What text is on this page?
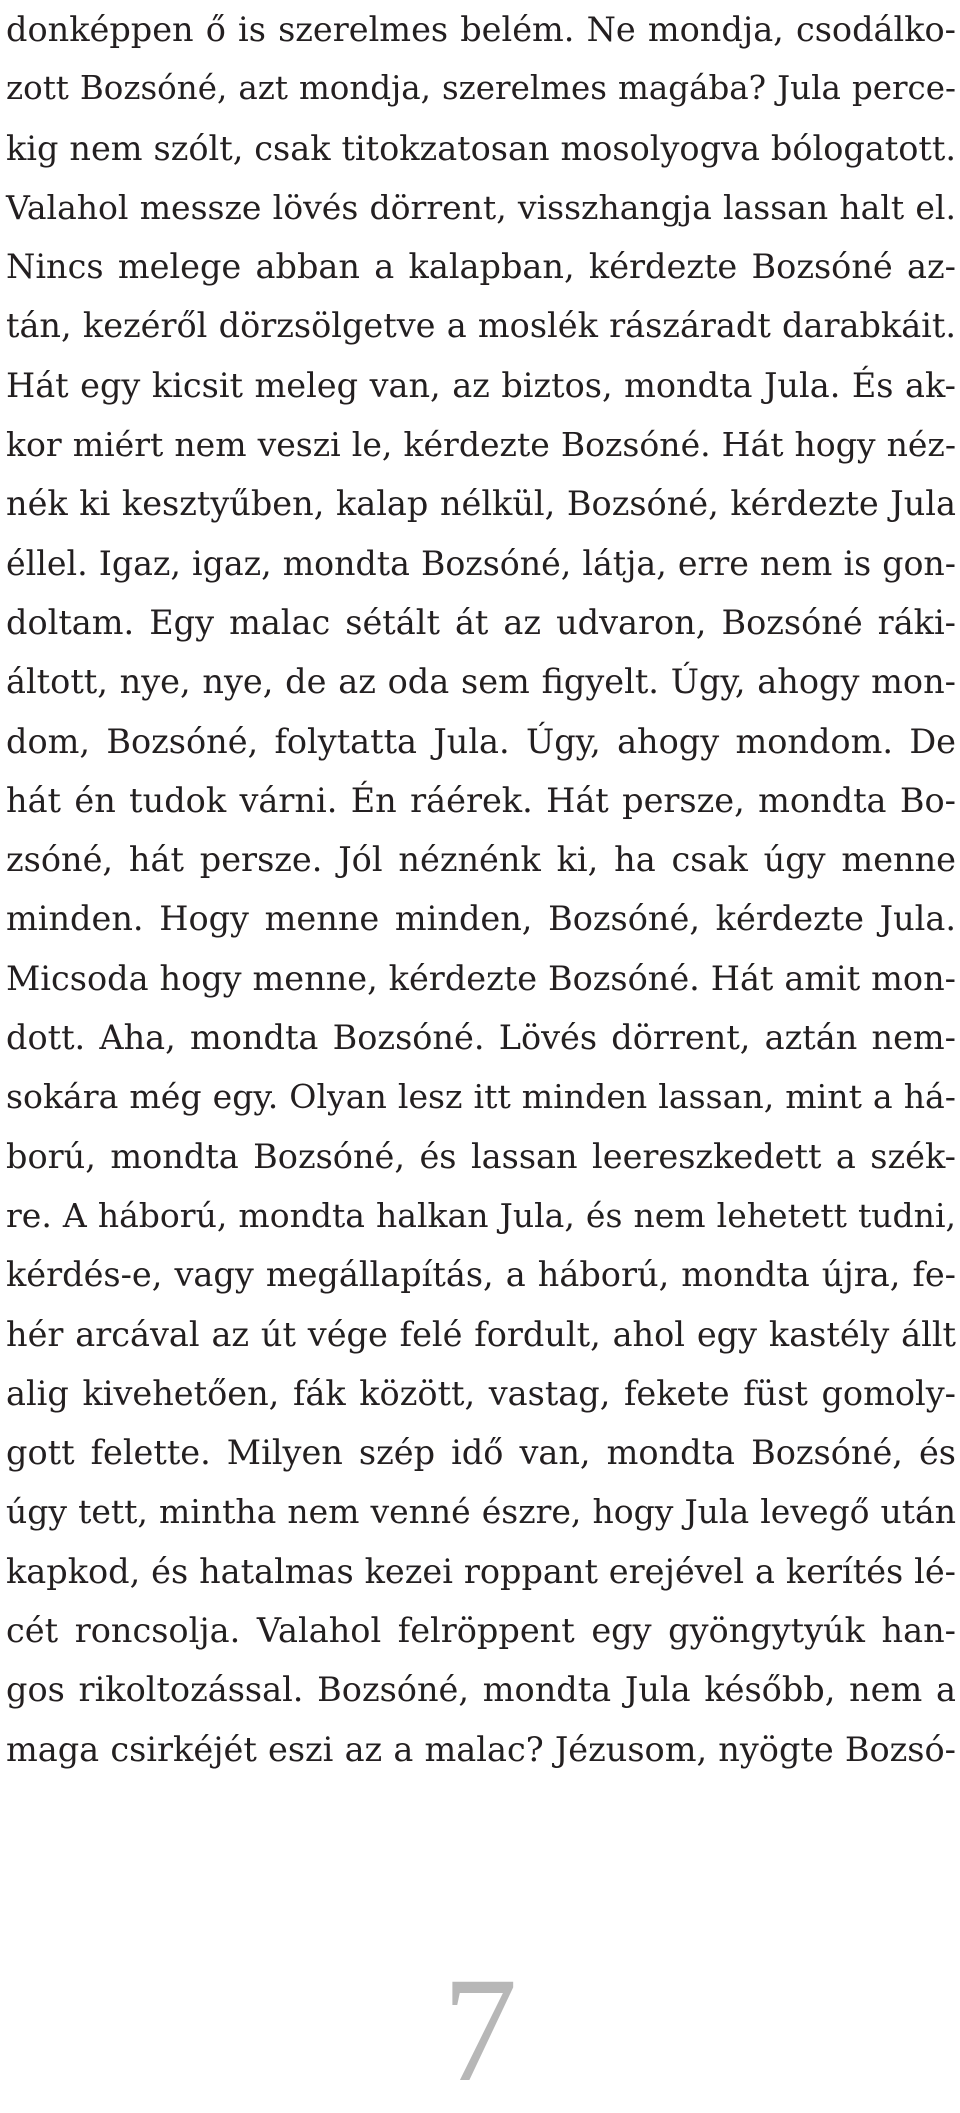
donképpen ő is szerelmes belém. Ne mondja, csodálko-
zott Bozsóné, azt mondja, szerelmes magába? Jula perce-
kig nem szólt, csak titokzatosan mosolyogva bólogatott.
Valahol messze lövés dörrent, visszhangja lassan halt el.
Nincs melege abban a kalapban, kérdezte Bozsóné az-
tán, kezéről dörzsölgetve a moslék rászáradt darabkáit.
Hát egy kicsit meleg van, az biztos, mondta Jula. És ak-
kor miért nem veszi le, kérdezte Bozsóné. Hát hogy néz-
nék ki kesztyűben, kalap nélkül, Bozsóné, kérdezte Jula
éllel. Igaz, igaz, mondta Bozsóné, látja, erre nem is gon-
doltam. Egy malac sétált át az udvaron, Bozsóné ráki-
áltott, nye, nye, de az oda sem figyelt. Úgy, ahogy mon-
dom, Bozsóné, folytatta Jula. Úgy, ahogy mondom. De
hát én tudok várni. Én ráérek. Hát persze, mondta Bo-
zsóné, hát persze. Jól néznénk ki, ha csak úgy menne
minden. Hogy menne minden, Bozsóné, kérdezte Jula.
Micsoda hogy menne, kérdezte Bozsóné. Hát amit mon-
dott. Aha, mondta Bozsóné. Lövés dörrent, aztán nem-
sokára még egy. Olyan lesz itt minden lassan, mint a há-
ború, mondta Bozsóné, és lassan leereszkedett a szék-
re. A háború, mondta halkan Jula, és nem lehetett tudni,
kérdés-e, vagy megállapítás, a háború, mondta újra, fe-
hér arcával az út vége felé fordult, ahol egy kastély állt
alig kivehetően, fák között, vastag, fekete füst gomoly-
gott felette. Milyen szép idő van, mondta Bozsóné, és
úgy tett, mintha nem venné észre, hogy Jula levegő után
kapkod, és hatalmas kezei roppant erejével a kerítés lé-
cét roncsolja. Valahol felröppent egy gyöngytyúk han-
gos rikoltozással. Bozsóné, mondta Jula később, nem a
maga csirkéjét eszi az a malac? Jézusom, nyögte Bozsó-
7
